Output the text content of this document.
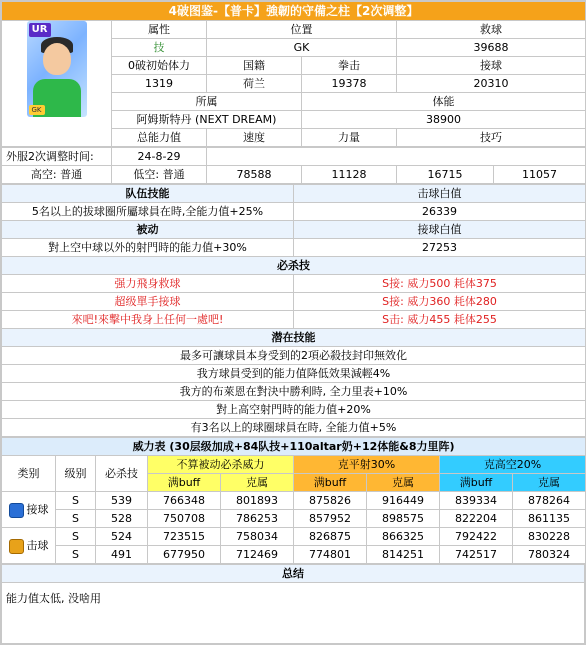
4破图鉴-【普卡】強韌的守備之柱【2次调整】				

UR
GK	属性	位置		救球
	技	GK		39688
	0破初始体力	国籍	拳击	接球
	1319	荷兰	19378	20310
	所属		体能	
	阿姆斯特丹 (NEXT DREAM)		38900	
	总能力值	速度	力量	技巧
外服2次调整时间:	24-8-29				
高空: 普通	低空: 普通	78588	11128	16715	11057
队伍技能	击球白值
5名以上的拔球圈所屬球員在時,全能力值+25%	26339
被动	接球白值
對上空中球以外的射門時的能力值+30%	27253
必杀技	
强力飛身救球	S接: 威力500 耗体375
超级單手接球	S接: 威力360 耗体280
來吧!來擊中我身上任何一處吧!	S击: 威力455 耗体255
潜在技能	
最多可讓球員本身受到的2項必殺技封印無效化	
我方球員受到的能力值降低效果減輕4%	
我方的布萊恩在對決中勝利時, 全力里表+10%	
對上高空射門時的能力值+20%	
有3名以上的球圈球員在時, 全能力值+5%	
威力表 (30层级加成+84队技+110altar奶+12体能&8力里阵)								
类别	级别	必杀技	不算被动必杀威力		克平射30%		克高空20%	
			满buff	克属	满buff	克属	满buff	克属
接球	S	539	766348	801893	875826	916449	839334	878264
	S	528	750708	786253	857952	898575	822204	861135
击球	S	524	723515	758034	826875	866325	792422	830228
	S	491	677950	712469	774801	814251	742517	780324
总结
能力值太低, 没啥用
